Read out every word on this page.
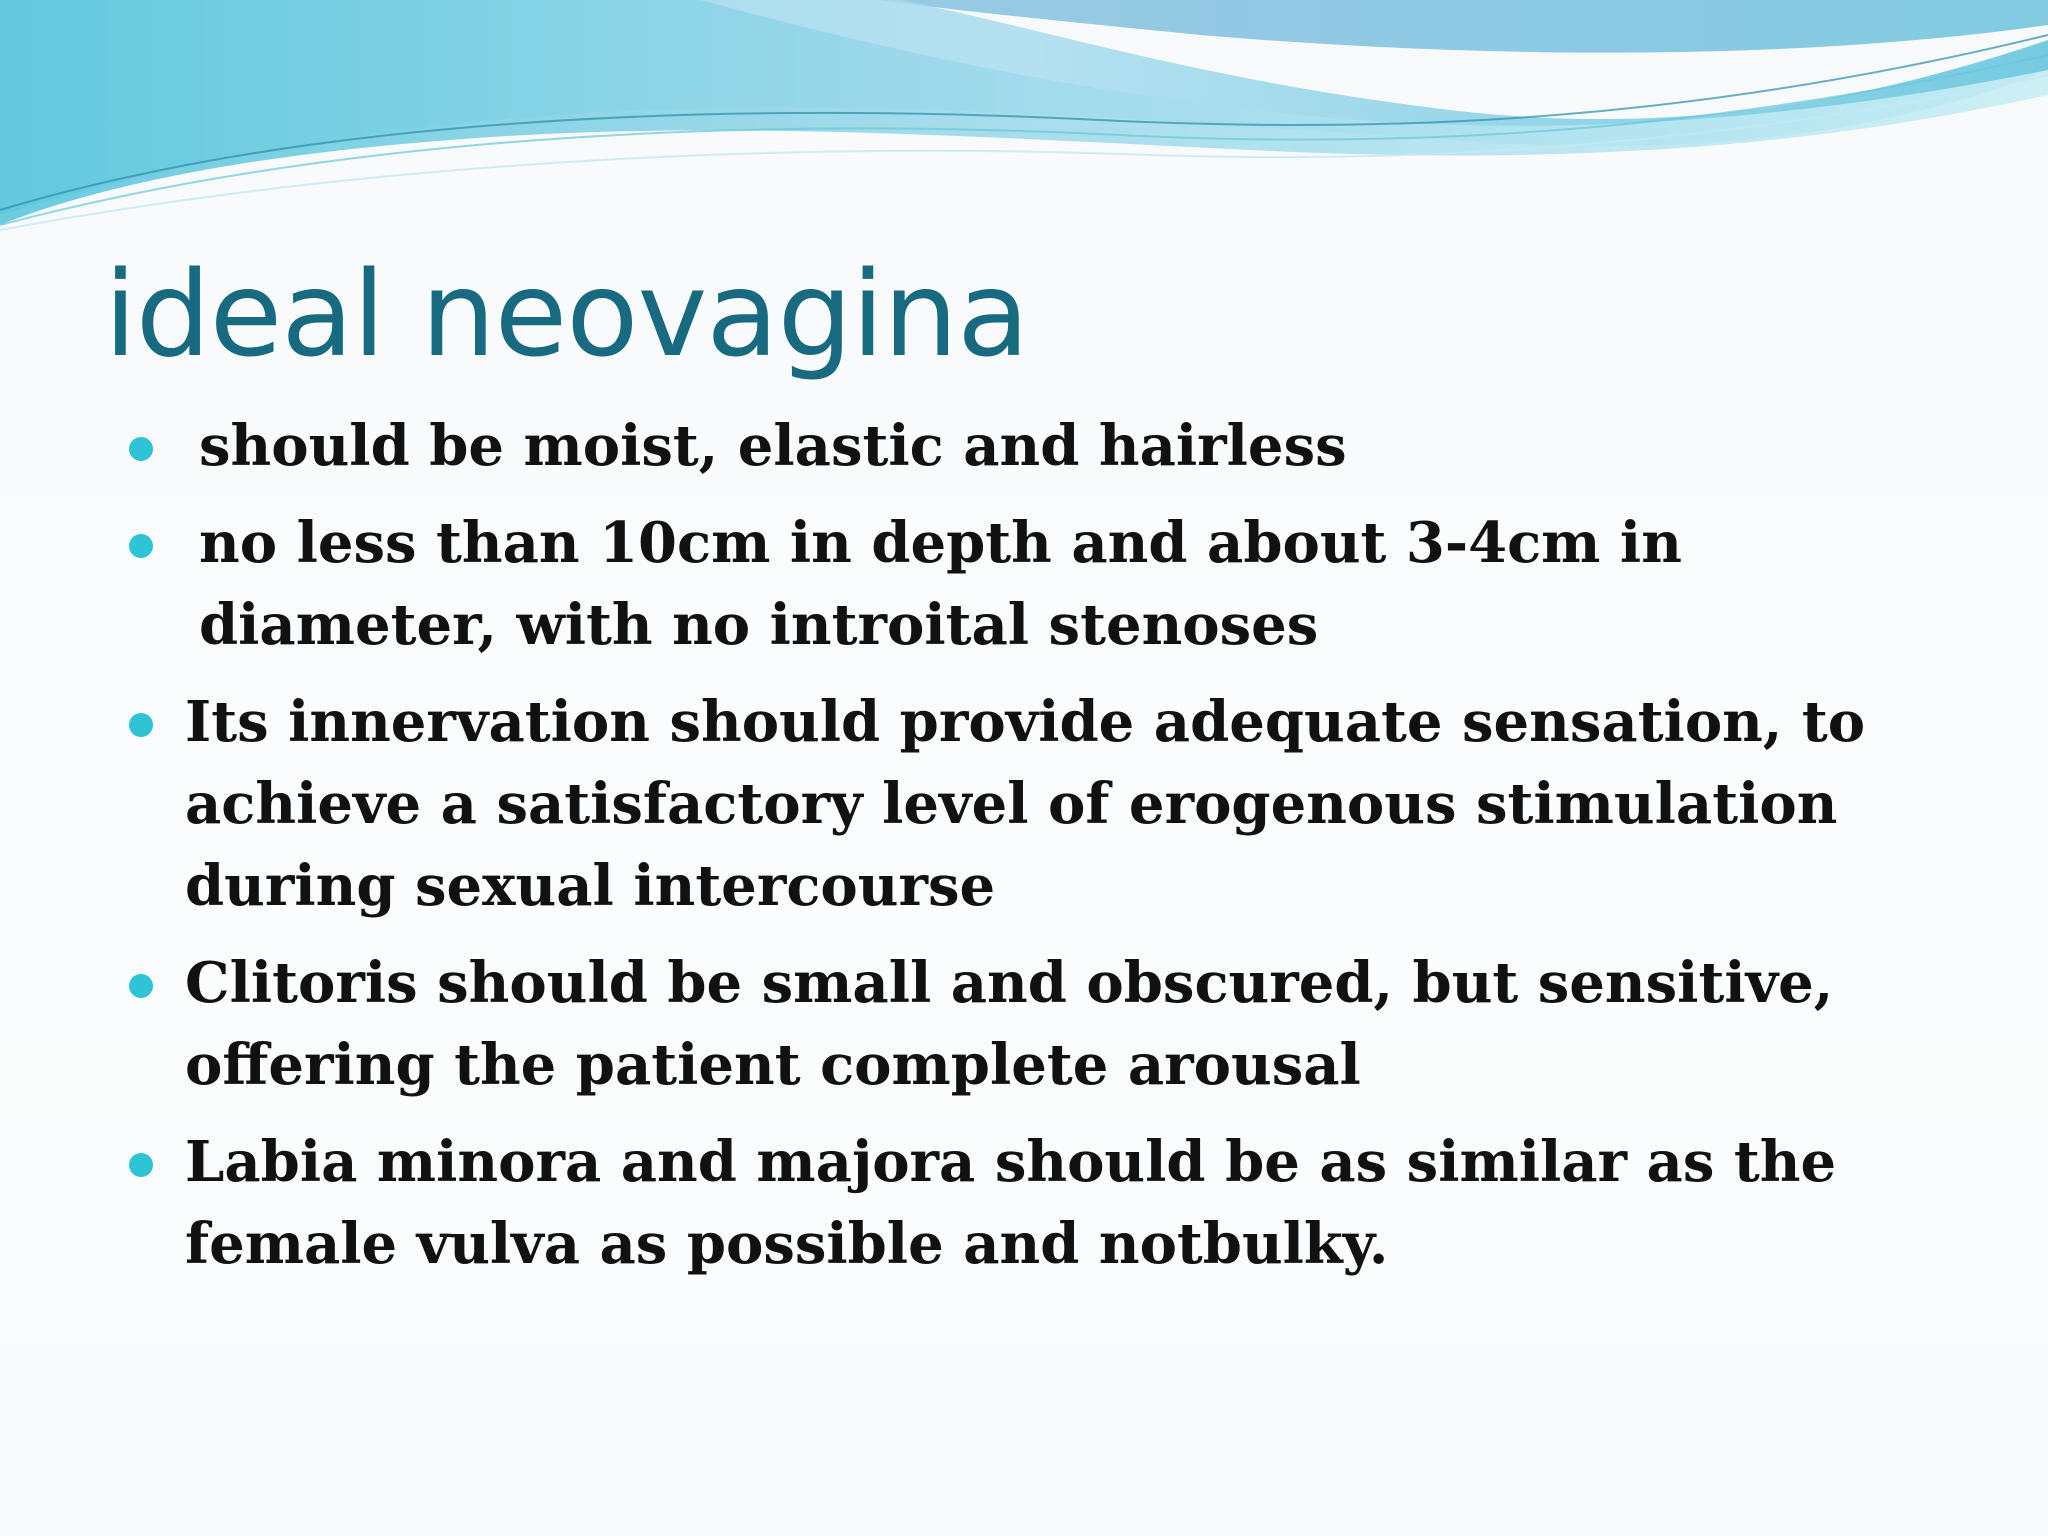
ideal neovagina
should be moist, elastic and hairless
no less than 10cm in depth and about 3-4cm in diameter, with no introital stenoses
Its innervation should provide adequate sensation, to achieve a satisfactory level of erogenous stimulation during sexual intercourse
Clitoris should be small and obscured, but sensitive, offering the patient complete arousal
Labia minora and majora should be as similar as the female vulva as possible and notbulky.
